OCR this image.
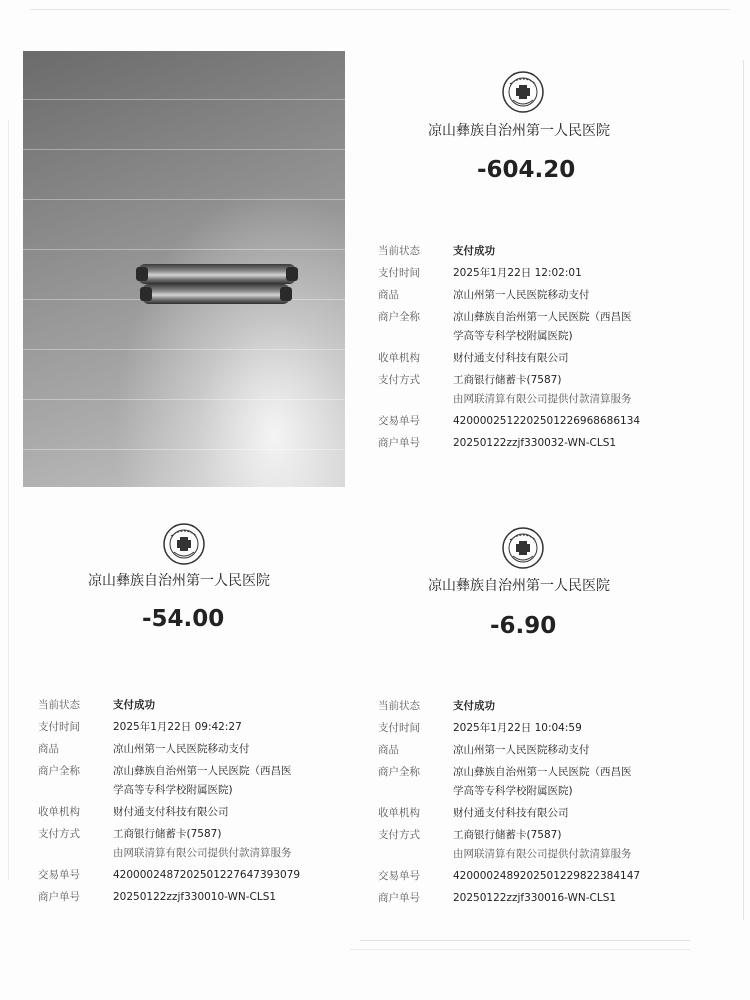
凉山彝族自治州第一人民医院
-604.20
当前状态	支付成功
支付时间	2025年1月22日 12:02:01
商品	凉山州第一人民医院移动支付
商户全称	凉山彝族自治州第一人民医院（西昌医
学高等专科学校附属医院)
收单机构	财付通支付科技有限公司
支付方式	工商银行储蓄卡(7587)
由网联清算有限公司提供付款清算服务
交易单号	4200002512202501226968686134
商户单号	20250122zzjf330032-WN-CLS1
凉山彝族自治州第一人民医院
-54.00
当前状态	支付成功
支付时间	2025年1月22日 09:42:27
商品	凉山州第一人民医院移动支付
商户全称	凉山彝族自治州第一人民医院（西昌医
学高等专科学校附属医院)
收单机构	财付通支付科技有限公司
支付方式	工商银行储蓄卡(7587)
由网联清算有限公司提供付款清算服务
交易单号	4200002487202501227647393079
商户单号	20250122zzjf330010-WN-CLS1
凉山彝族自治州第一人民医院
-6.90
当前状态	支付成功
支付时间	2025年1月22日 10:04:59
商品	凉山州第一人民医院移动支付
商户全称	凉山彝族自治州第一人民医院（西昌医
学高等专科学校附属医院)
收单机构	财付通支付科技有限公司
支付方式	工商银行储蓄卡(7587)
由网联清算有限公司提供付款清算服务
交易单号	4200002489202501229822384147
商户单号	20250122zzjf330016-WN-CLS1
